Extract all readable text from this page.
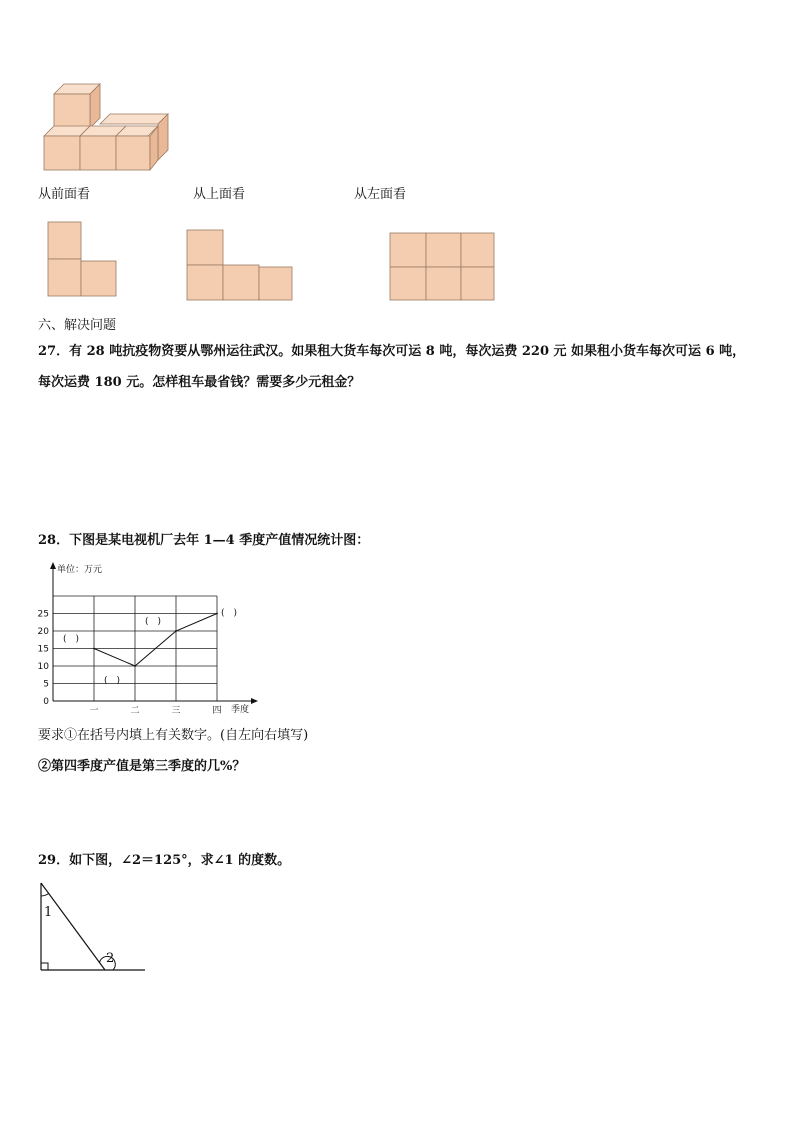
从前面看	从上面看	从左面看
六、解决问题
27．有 28 吨抗疫物资要从鄂州运往武汉。如果租大货车每次可运 8 吨，每次运费 220 元 如果租小货车每次可运 6 吨，
每次运费 180 元。怎样租车最省钱？需要多少元租金？
28．下图是某电视机厂去年 1—4 季度产值情况统计图：
单位：万元
0
5
10
15
20
25
一	二	三	四 季度
(　)
(　)
(　)
(　)
要求①在括号内填上有关数字。(自左向右填写)
②第四季度产值是第三季度的几%？
29．如下图，∠2＝125°，求∠1 的度数。
1
2
